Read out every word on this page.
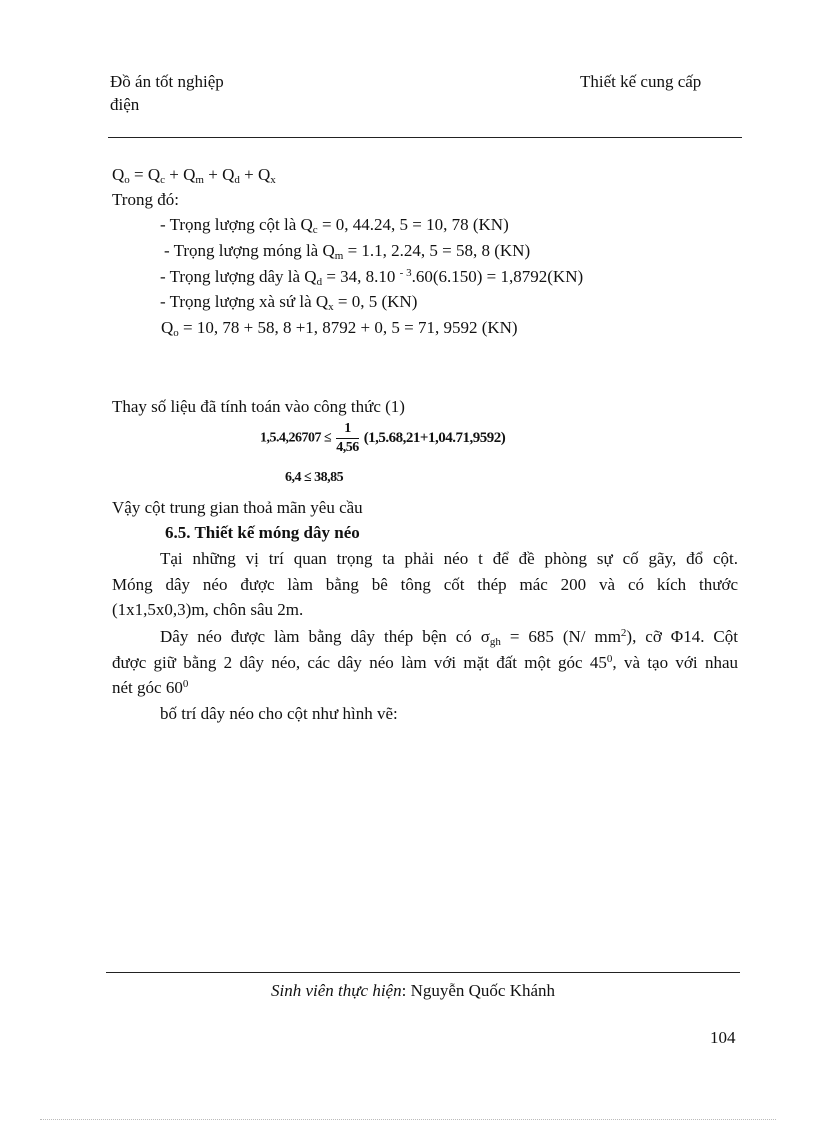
Đồ án tốt nghiệp
điện
Thiết kế cung cấp
$Q_o = Q_c + Q_m + Q_d + Q_x$
Trong đó:
- Trọng lượng cột là $Q_c = 0$, 44.24, 5 = 10, 78 (KN)
- Trọng lượng móng là $Q_m = 1.1$, 2.24, 5 = 58, 8 (KN)
- Trọng lượng dây là $Q_d = 34$, 8.10 $^{- 3}$.60(6.150) = 1,8792(KN)
- Trọng lượng xà sứ là $Q_x = 0$, 5 (KN)
$Q_o = 10$, 78 + 58, 8 +1, 8792 + 0, 5 = 71, 9592 (KN)
Thay số liệu đã tính toán vào công thức (1)
$1,5.4,26707 \le \frac{1}{4,56} (1,5.68,21+1,04.71,9592)$
6,4 ≤ 38,85
Vậy cột trung gian thoả mãn yêu cầu
6.5. Thiết kế móng dây néo
Tại những vị trí quan trọng ta phải néo t để đề phòng sự cố gãy, đổ cột.
Móng dây néo được làm bằng bê tông cốt thép mác 200 và có kích thước
(1x1,5x0,3)m, chôn sâu 2m.
Dây néo được làm bằng dây thép bện có $\sigma_{gh} = 685$ (N/ $mm^2$), cỡ Φ14. Cột
được giữ bằng 2 dây néo, các dây néo làm với mặt đất một góc $45^0$, và tạo với nhau
nét góc $60^0$
bố trí dây néo cho cột như hình vẽ:
Sinh viên thực hiện: Nguyễn Quốc Khánh
104
